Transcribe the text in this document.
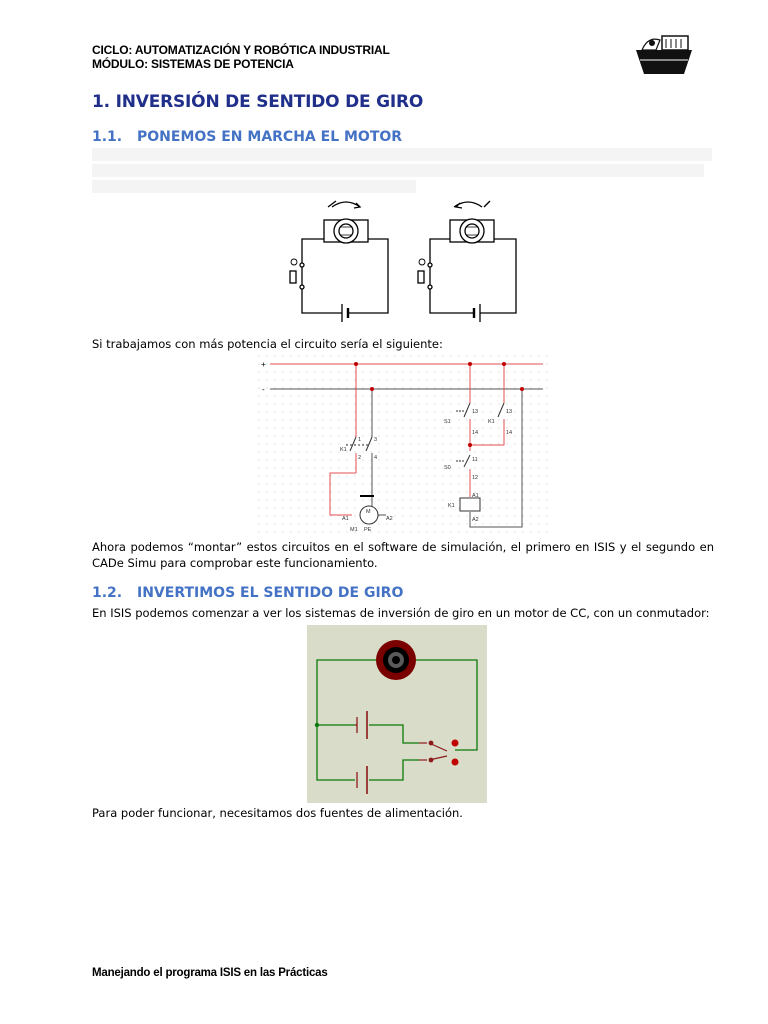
CICLO: AUTOMATIZACIÓN Y ROBÓTICA INDUSTRIAL
MÓDULO: SISTEMAS DE POTENCIA
1. INVERSIÓN DE SENTIDO DE GIRO
1.1. PONEMOS EN MARCHA EL MOTOR
Si trabajamos con más potencia el circuito sería el siguiente:
+
-
1 3
2 4
K1
M
A1	A2
M1 PE
13
14
13
14
S1	K1
11
12
S0
A1
K1
A2
Ahora podemos “montar” estos circuitos en el software de simulación, el primero en ISIS y el segundo en CADe Simu para comprobar este funcionamiento.
1.2. INVERTIMOS EL SENTIDO DE GIRO
En ISIS podemos comenzar a ver los sistemas de inversión de giro en un motor de CC, con un conmutador:
Para poder funcionar, necesitamos dos fuentes de alimentación.
Manejando el programa ISIS en las Prácticas
